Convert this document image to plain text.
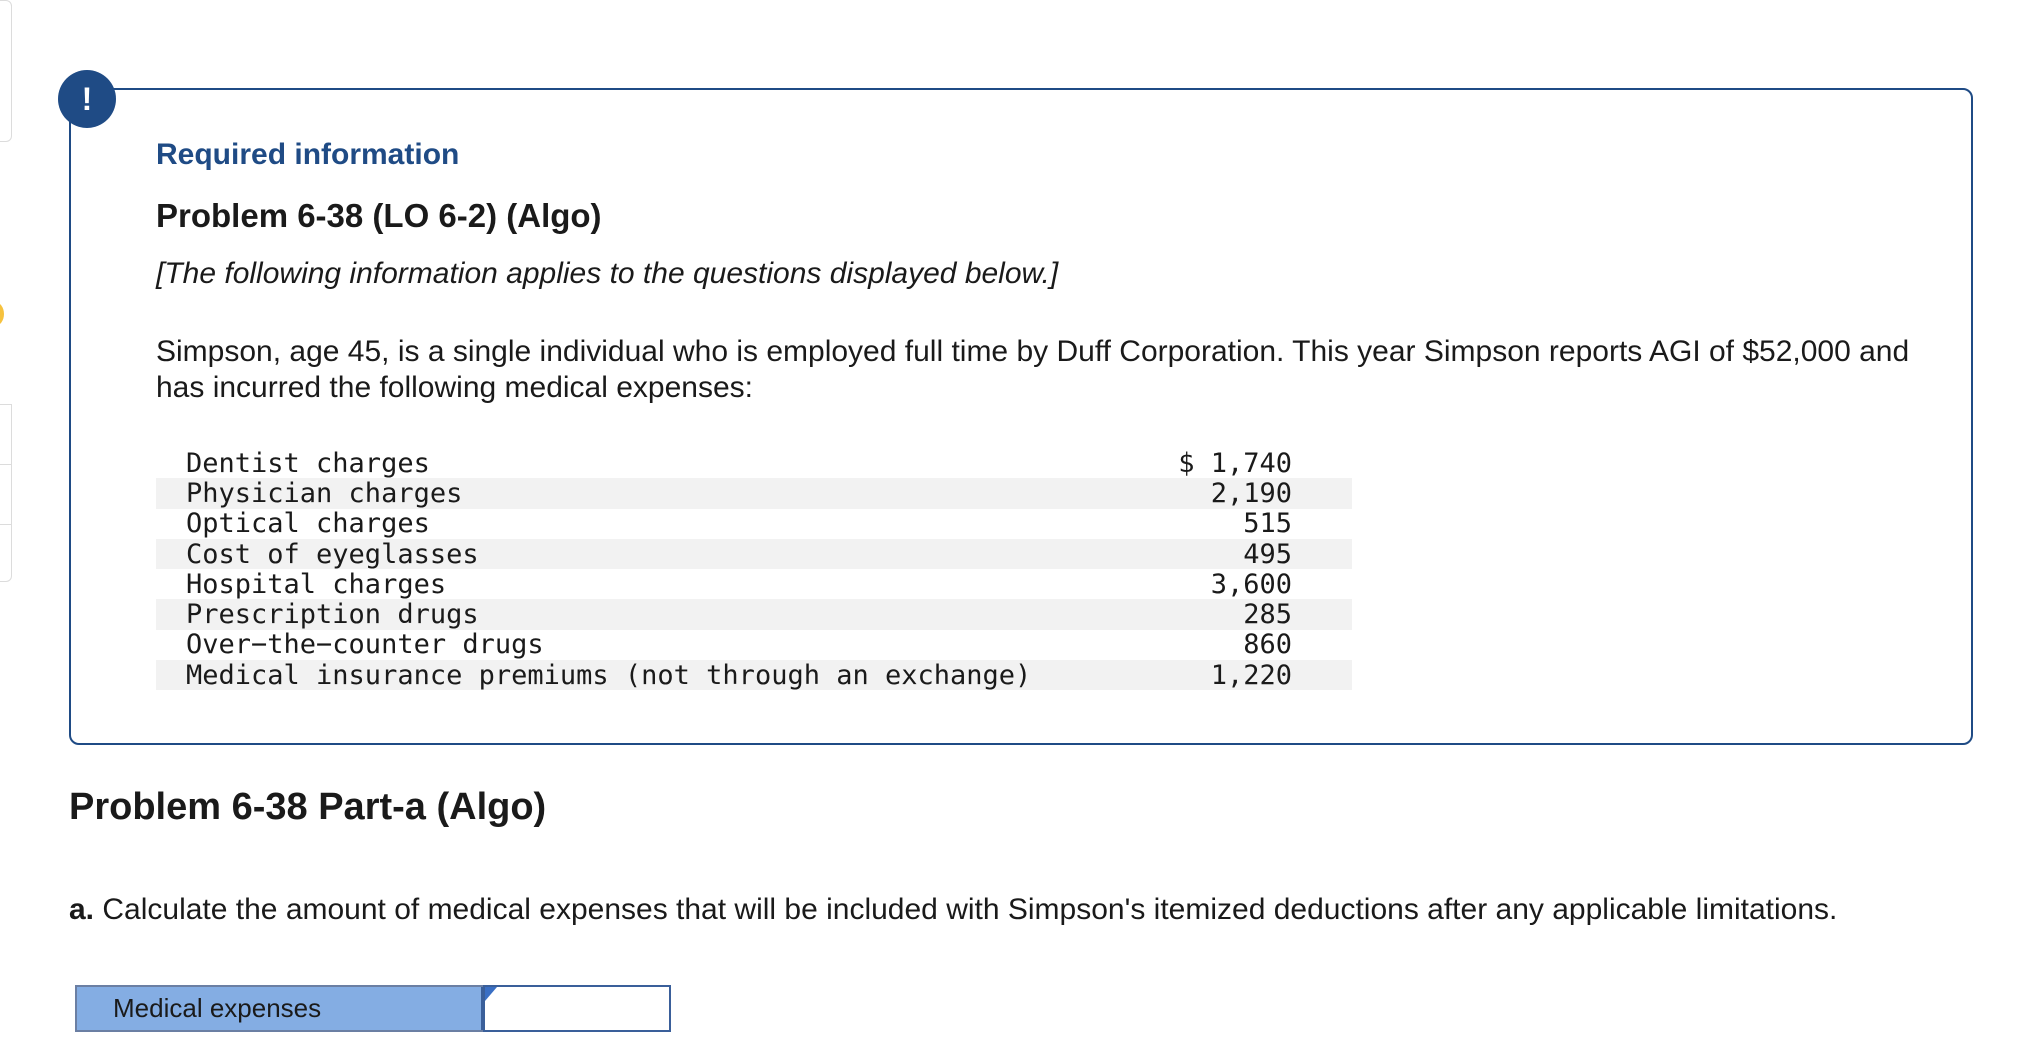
!
Required information
Problem 6-38 (LO 6-2) (Algo)
[The following information applies to the questions displayed below.]
Simpson, age 45, is a single individual who is employed full time by Duff Corporation. This year Simpson reports AGI of $52,000 and has incurred the following medical expenses:
Dentist charges	$ 1,740
Physician charges	2,190
Optical charges	515
Cost of eyeglasses	495
Hospital charges	3,600
Prescription drugs	285
Over−the−counter drugs	860
Medical insurance premiums (not through an exchange)	1,220
Problem 6-38 Part-a (Algo)
a. Calculate the amount of medical expenses that will be included with Simpson's itemized deductions after any applicable limitations.
Medical expenses
